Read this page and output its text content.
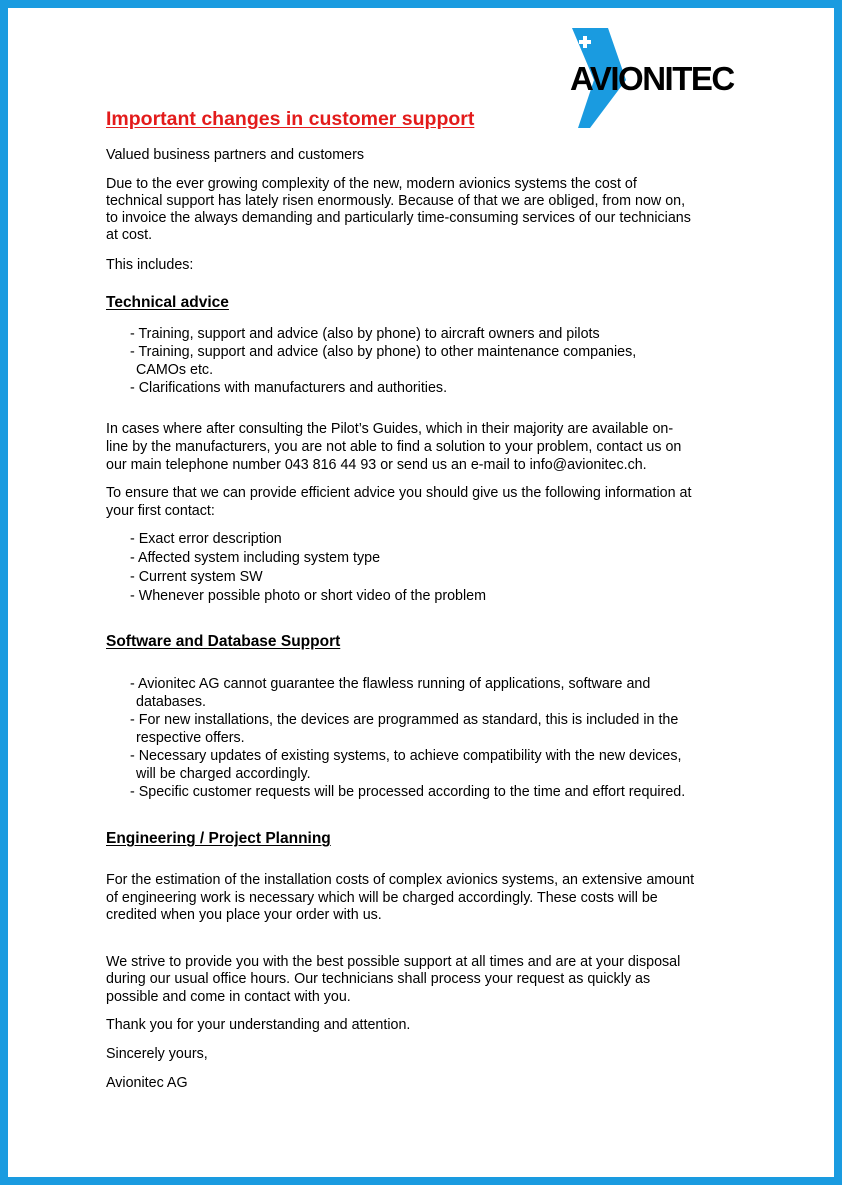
AVIONITEC

Important changes in customer support

Valued business partners and customers

Due to the ever growing complexity of the new, modern avionics systems the cost of

technical support has lately risen enormously. Because of that we are obliged, from now on,

to invoice the always demanding and particularly time-consuming services of our technicians

at cost.

This includes:

Technical advice

- Training, support and advice (also by phone) to aircraft owners and pilots
- Training, support and advice (also by phone) to other maintenance companies,
CAMOs etc.
- Clarifications with manufacturers and authorities.

In cases where after consulting the Pilot’s Guides, which in their majority are available on-

line by the manufacturers, you are not able to find a solution to your problem, contact us on

our main telephone number 043 816 44 93 or send us an e-mail to info@avionitec.ch.

To ensure that we can provide efficient advice you should give us the following information at

your first contact:

- Exact error description
- Affected system including system type
- Current system SW
- Whenever possible photo or short video of the problem

Software and Database Support

- Avionitec AG cannot guarantee the flawless running of applications, software and
databases.
- For new installations, the devices are programmed as standard, this is included in the
respective offers.
- Necessary updates of existing systems, to achieve compatibility with the new devices,
will be charged accordingly.
- Specific customer requests will be processed according to the time and effort required.

Engineering / Project Planning

For the estimation of the installation costs of complex avionics systems, an extensive amount

of engineering work is necessary which will be charged accordingly. These costs will be

credited when you place your order with us.

We strive to provide you with the best possible support at all times and are at your disposal

during our usual office hours. Our technicians shall process your request as quickly as

possible and come in contact with you.

Thank you for your understanding and attention.

Sincerely yours,

Avionitec AG
